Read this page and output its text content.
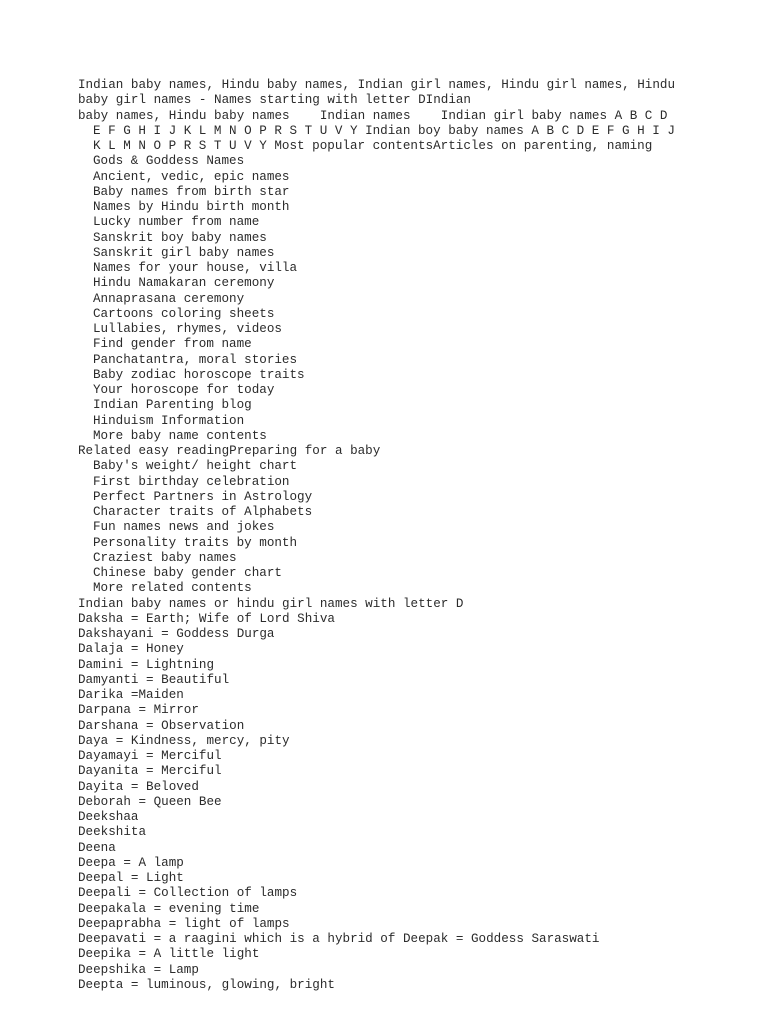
Indian baby names, Hindu baby names, Indian girl names, Hindu girl names, Hindu
baby girl names - Names starting with letter DIndian
baby names, Hindu baby names    Indian names    Indian girl baby names A B C D
E F G H I J K L M N O P R S T U V Y Indian boy baby names A B C D E F G H I J
K L M N O P R S T U V Y Most popular contentsArticles on parenting, naming
Gods & Goddess Names
Ancient, vedic, epic names
Baby names from birth star
Names by Hindu birth month
Lucky number from name
Sanskrit boy baby names
Sanskrit girl baby names
Names for your house, villa
Hindu Namakaran ceremony
Annaprasana ceremony
Cartoons coloring sheets
Lullabies, rhymes, videos
Find gender from name
Panchatantra, moral stories
Baby zodiac horoscope traits
Your horoscope for today
Indian Parenting blog
Hinduism Information
More baby name contents
Related easy readingPreparing for a baby
Baby's weight/ height chart
First birthday celebration
Perfect Partners in Astrology
Character traits of Alphabets
Fun names news and jokes
Personality traits by month
Craziest baby names
Chinese baby gender chart
More related contents
Indian baby names or hindu girl names with letter D
Daksha = Earth; Wife of Lord Shiva
Dakshayani = Goddess Durga
Dalaja = Honey
Damini = Lightning
Damyanti = Beautiful
Darika =Maiden
Darpana = Mirror
Darshana = Observation
Daya = Kindness, mercy, pity
Dayamayi = Merciful
Dayanita = Merciful
Dayita = Beloved
Deborah = Queen Bee
Deekshaa
Deekshita
Deena
Deepa = A lamp
Deepal = Light
Deepali = Collection of lamps
Deepakala = evening time
Deepaprabha = light of lamps
Deepavati = a raagini which is a hybrid of Deepak = Goddess Saraswati
Deepika = A little light
Deepshika = Lamp
Deepta = luminous, glowing, bright
